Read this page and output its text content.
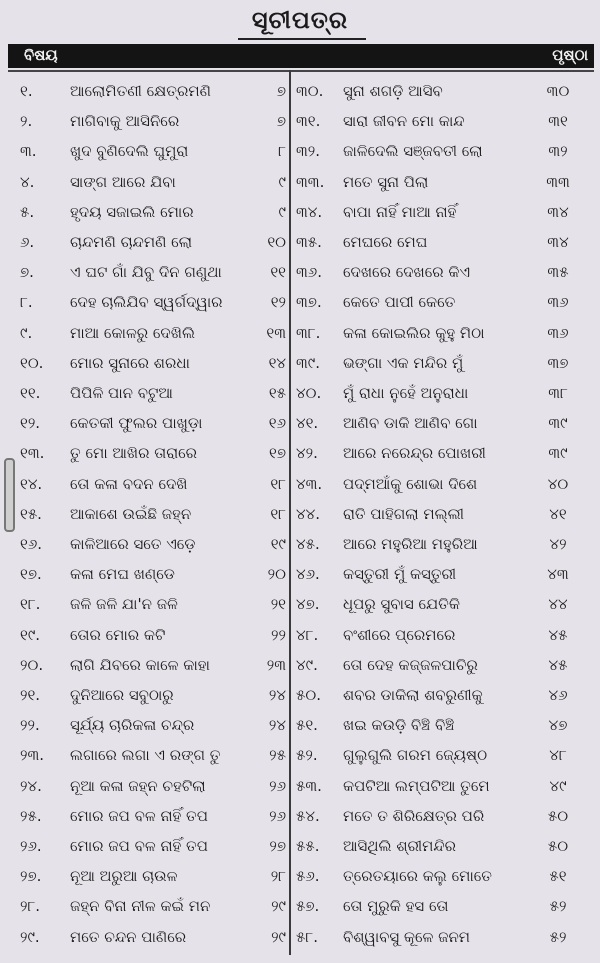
ସୂଚୀପତ୍ର
ବିଷୟ	ପୃଷ୍ଠା
୧.	ଆଲୋମିତଣୀ କ୍ଷେତ୍ରମଣି	୭ ୩୦.	ସୁନା ଶଗଡ଼ି ଆସିବ	୩୦
୨.	ମାଗିବାକୁ ଆସିନିରେ	୭ ୩୧.	ସାରା ଜୀବନ ମୋ କାନ୍ଦ	୩୧
୩.	ଖୁଦ ବୁଣିଦେଲି ଘୁମୁରା	୮ ୩୨.	ଜାଳିଦେଲି ସଞ୍ଜବତୀ ଲୋ	୩୨
୪.	ସାଙ୍ଗ ଆରେ ଯିବା	୯ ୩୩.	ମତେ ସୁନା ପିଲା	୩୩
୫.	ହୃଦୟ ସଜାଇଲି ମୋର	୯ ୩୪.	ବାପା ନାହିଁ ମାଆ ନାହିଁ	୩୪
୬.	ଚାନ୍ଦମଣି ଚାନ୍ଦମଣି ଲୋ	୧୦ ୩୫.	ମେଘରେ ମେଘ	୩୪
୭.	ଏ ଘଟ ଗାଁ ଯିବୁ ଦିନ ଗଣୁଥା	୧୧ ୩୬.	ଦେଖରେ ଦେଖରେ କିଏ	୩୫
୮.	ଦେହ ଚାଲିଯିବ ସ୍ୱର୍ଗଦ୍ୱାର	୧୨ ୩୭.	କେତେ ପାପୀ କେତେ	୩୬
୯.	ମାଆ କୋଳରୁ ଦେଖିଲି	୧୩ ୩୮.	କଳା କୋଇଲିର କୁହୁ ମିଠା	୩୬
୧୦.	ମୋର ସୁନାରେ ଶରଧା	୧୪ ୩୯.	ଭଙ୍ଗା ଏକ ମନ୍ଦିର ମୁଁ	୩୭
୧୧.	ପିପିଳି ପାନ ବଟୁଆ	୧୫ ୪୦.	ମୁଁ ରାଧା ନୁହେଁ ଅନୁରାଧା	୩୮
୧୨.	କେତକୀ ଫୁଲର ପାଖୁଡ଼ା	୧୬ ୪୧.	ଆଣିବ ଡାକି ଆଣିବ ଗୋ	୩୯
୧୩.	ତୁ ମୋ ଆଖିର ତାରାରେ	୧୭ ୪୨.	ଆରେ ନରେନ୍ଦ୍ର ପୋଖରୀ	୩୯
୧୪.	ତୋ କଳା ବଦନ ଦେଖି	୧୮ ୪୩.	ପଦ୍ମଆଁକୁ ଶୋଭା ଦିଶେ	୪୦
୧୫.	ଆକାଶେ ଉଇଁଛି ଜହ୍ନ	୧୮ ୪୪.	ରାତି ପାହିଗଲା ମଲ୍ଲୀ	୪୧
୧୬.	କାଳିଆରେ ସତେ ଏଡ଼େ	୧୯ ୪୫.	ଆରେ ମହୁରିଆ ମହୁରିଆ	୪୨
୧୭.	କଳା ମେଘ ଖଣ୍ଡେ	୨୦ ୪୬.	କସ୍ତୁରୀ ମୁଁ କସ୍ତୁରୀ	୪୩
୧୮.	ଜଳି ଜଳି ଯା'ନ ଜଳି	୨୧ ୪୭.	ଧୂପରୁ ସୁବାସ ଯେତିକି	୪୪
୧୯.	ତୋର ମୋର କଟି	୨୨ ୪୮.	ବଂଶୀରେ ପ୍ରେମରେ	୪୫
୨୦.	ଲାଗି ଯିବରେ କାଳେ କାହା	୨୩ ୪୯.	ତୋ ଦେହ କଜ୍ଜଳପାଚିରୁ	୪୫
୨୧.	ଦୁନିଆରେ ସବୁଠାରୁ	୨୪ ୫୦.	ଶବର ଡାକିଲା ଶବରୁଣୀକୁ	୪୬
୨୨.	ସୂର୍ଯ୍ୟ ଚାରିକଳା ଚନ୍ଦ୍ର	୨୪ ୫୧.	ଖଇ କଉଡ଼ି ବିଞ୍ଚି ବିଞ୍ଚି	୪୭
୨୩.	ଲଗାରେ ଲଗା ଏ ରଙ୍ଗ ତୁ	୨୫ ୫୨.	ଗୁଲୁଗୁଲି ଗରମ ଜ୍ୟେଷ୍ଠ	୪୮
୨୪.	ନୂଆ କଳା ଜହ୍ନ ଚହଟିଲା	୨୬ ୫୩.	କପଟିଆ ଲମ୍ପଟିଆ ତୁମେ	୪୯
୨୫.	ମୋର ଜପ ବଳ ନାହିଁ ତପ	୨୬ ୫୪.	ମତେ ତ ଶିରିକ୍ଷେତ୍ର ପରି	୫୦
୨୬.	ମୋର ଜପ ବଳ ନାହିଁ ତପ	୨୭ ୫୫.	ଆସିଥିଲି ଶ୍ରୀମନ୍ଦିର	୫୦
୨୭.	ନୂଆ ଅରୁଆ ଚାଉଳ	୨୮ ୫୬.	ତ୍ରେତୟାରେ କଲୁ ମୋତେ	୫୧
୨୮.	ଜହ୍ନ ବିନା ନୀଳ କଇଁ ମନ	୨୯ ୫୭.	ତୋ ମୁରୁକି ହସ ତୋ	୫୨
୨୯.	ମତେ ଚନ୍ଦନ ପାଣିରେ	୨୯ ୫୮.	ବିଶ୍ୱାବସୁ କୂଳେ ଜନମ	୫୨
